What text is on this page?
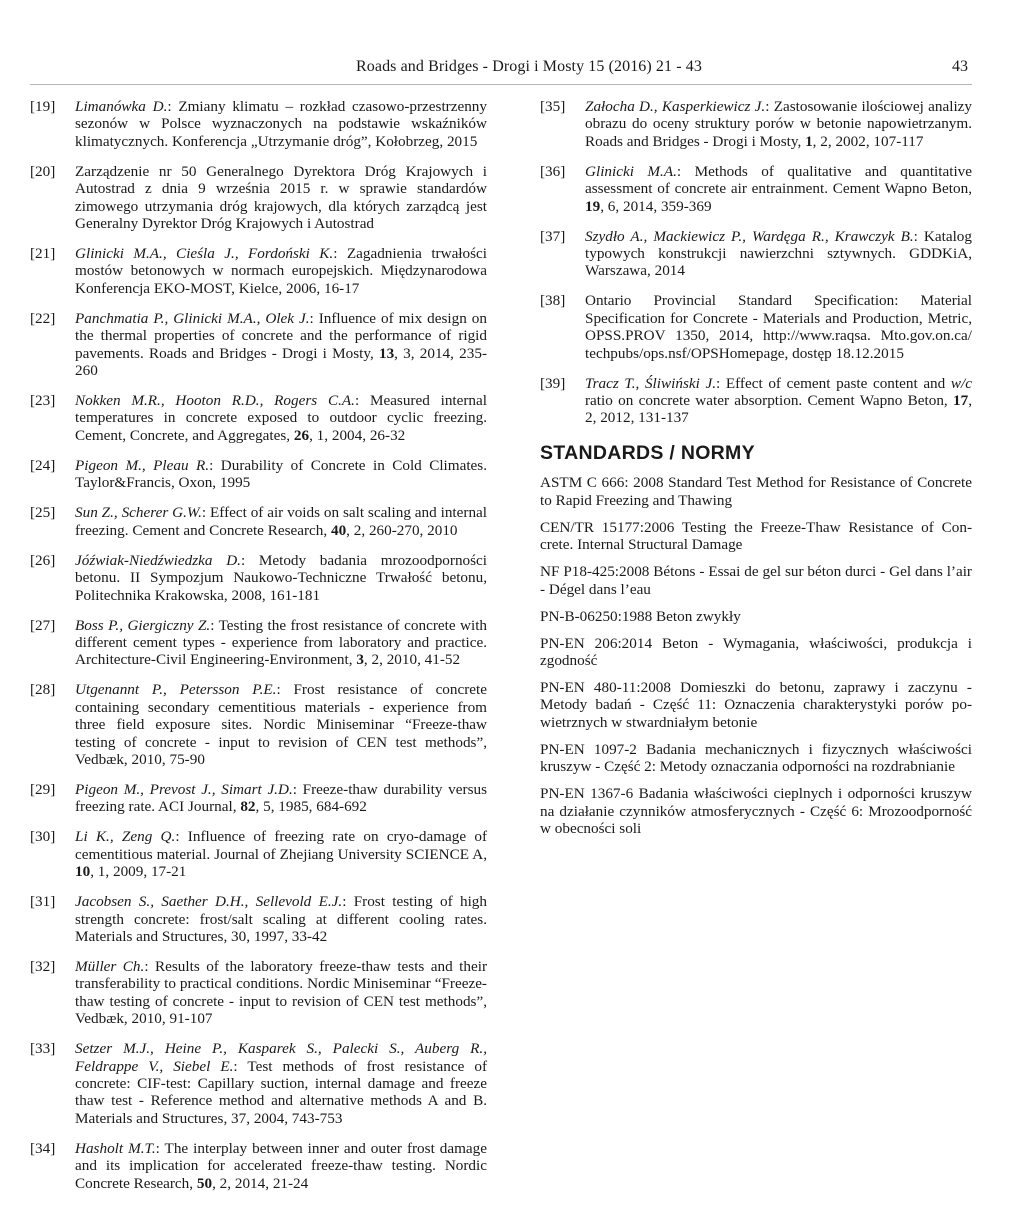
Roads and Bridges - Drogi i Mosty 15 (2016) 21 - 43	43
[19] Limanówka D.: Zmiany klimatu – rozkład czasowo-przestrzenny sezonów w Polsce wyznaczonych na podstawie wskaźników klimatycznych. Konferencja „Utrzymanie dróg”, Kołobrzeg, 2015
[20] Zarządzenie nr 50 Generalnego Dyrektora Dróg Krajowych i Autostrad z dnia 9 września 2015 r. w sprawie standardów zimowego utrzymania dróg krajowych, dla których zarządcą jest Generalny Dyrektor Dróg Krajowych i Autostrad
[21] Glinicki M.A., Cieśla J., Fordoński K.: Zagadnienia trwałości mostów betonowych w normach europejskich. Międzynarodowa Konferencja EKO-MOST, Kielce, 2006, 16-17
[22] Panchmatia P., Glinicki M.A., Olek J.: Influence of mix design on the thermal properties of concrete and the performance of rigid pavements. Roads and Bridges - Drogi i Mosty, 13, 3, 2014, 235-260
[23] Nokken M.R., Hooton R.D., Rogers C.A.: Measured internal temperatures in concrete exposed to outdoor cyclic freezing. Cement, Concrete, and Aggregates, 26, 1, 2004, 26-32
[24] Pigeon M., Pleau R.: Durability of Concrete in Cold Climates. Taylor&Francis, Oxon, 1995
[25] Sun Z., Scherer G.W.: Effect of air voids on salt scaling and internal freezing. Cement and Concrete Research, 40, 2, 260-270, 2010
[26] Jóźwiak-Niedźwiedzka D.: Metody badania mrozoodporności betonu. II Sympozjum Naukowo-Techniczne Trwałość betonu, Politechnika Krakowska, 2008, 161-181
[27] Boss P., Giergiczny Z.: Testing the frost resistance of concrete with different cement types - experience from laboratory and practice. Architecture-Civil Engineering-Environment, 3, 2, 2010, 41-52
[28] Utgenannt P., Petersson P.E.: Frost resistance of concrete containing secondary cementitious materials - experience from three field exposure sites. Nordic Miniseminar “Freeze-thaw testing of concrete - input to revision of CEN test methods”, Vedbæk, 2010, 75-90
[29] Pigeon M., Prevost J., Simart J.D.: Freeze-thaw durability versus freezing rate. ACI Journal, 82, 5, 1985, 684-692
[30] Li K., Zeng Q.: Influence of freezing rate on cryo-damage of cementitious material. Journal of Zhejiang University SCIENCE A, 10, 1, 2009, 17-21
[31] Jacobsen S., Saether D.H., Sellevold E.J.: Frost testing of high strength concrete: frost/salt scaling at different cooling rates. Materials and Structures, 30, 1997, 33-42
[32] Müller Ch.: Results of the laboratory freeze-thaw tests and their transferability to practical conditions. Nordic Miniseminar “Freeze-thaw testing of concrete - input to revision of CEN test methods”, Vedbæk, 2010, 91-107
[33] Setzer M.J., Heine P., Kasparek S., Palecki S., Auberg R., Feldrappe V., Siebel E.: Test methods of frost resistance of concrete: CIF-test: Capillary suction, internal damage and freeze thaw test - Reference method and alternative methods A and B. Materials and Structures, 37, 2004, 743-753
[34] Hasholt M.T.: The interplay between inner and outer frost damage and its implication for accelerated freeze-thaw testing. Nordic Concrete Research, 50, 2, 2014, 21-24
[35] Załocha D., Kasperkiewicz J.: Zastosowanie ilościowej analizy obrazu do oceny struktury porów w betonie napowietrzanym. Roads and Bridges - Drogi i Mosty, 1, 2, 2002, 107-117
[36] Glinicki M.A.: Methods of qualitative and quantitative assessment of concrete air entrainment. Cement Wapno Beton, 19, 6, 2014, 359-369
[37] Szydło A., Mackiewicz P., Wardęga R., Krawczyk B.: Katalog typowych konstrukcji nawierzchni sztywnych. GDDKiA, Warszawa, 2014
[38] Ontario Provincial Standard Specification: Material Specification for Concrete - Materials and Production, Metric, OPSS.PROV 1350, 2014, http://www.raqsa. Mto.gov.on.ca/ techpubs/ops.nsf/OPSHomepage, dostęp 18.12.2015
[39] Tracz T., Śliwiński J.: Effect of cement paste content and w/c ratio on concrete water absorption. Cement Wapno Beton, 17, 2, 2012, 131-137
STANDARDS / NORMY
ASTM C 666: 2008 Standard Test Method for Resistance of Concrete to Rapid Freezing and Thawing
CEN/TR 15177:2006 Testing the Freeze-Thaw Resistance of Concrete. Internal Structural Damage
NF P18-425:2008 Bétons - Essai de gel sur béton durci - Gel dans l’air - Dégel dans l’eau
PN-B-06250:1988 Beton zwykły
PN-EN 206:2014 Beton - Wymagania, właściwości, produkcja i zgodność
PN-EN 480-11:2008 Domieszki do betonu, zaprawy i zaczynu - Metody badań - Część 11: Oznaczenia charakterystyki porów powietrznych w stwardniałym betonie
PN-EN 1097-2 Badania mechanicznych i fizycznych właściwości kruszyw - Część 2: Metody oznaczania odporności na rozdrabnianie
PN-EN 1367-6 Badania właściwości cieplnych i odporności kruszyw na działanie czynników atmosferycznych - Część 6: Mrozoodporność w obecności soli
